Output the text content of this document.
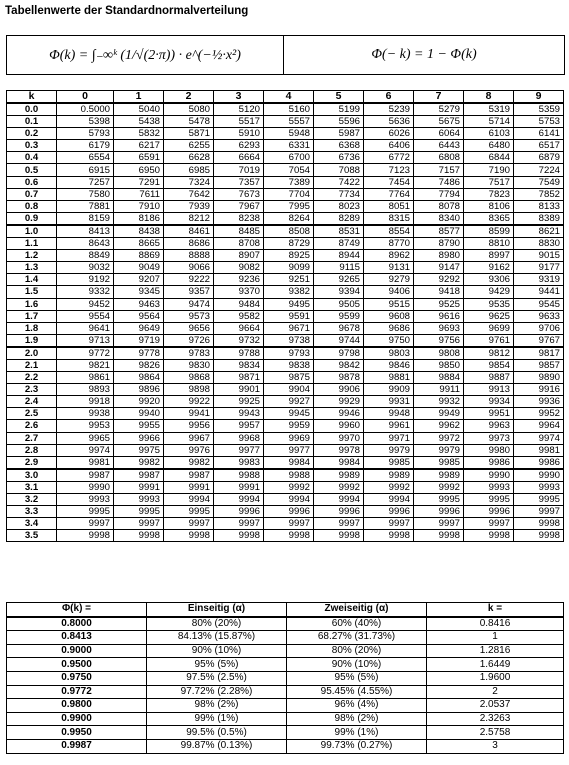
Tabellenwerte der Standardnormalverteilung
Φ(k) = ∫₋∞ᵏ (1/√(2·π)) · e^(−½·x²)	Φ(− k) = 1 − Φ(k)
k	0	1	2	3	4	5	6	7	8	9
0.0	0.5000	5040	5080	5120	5160	5199	5239	5279	5319	5359
0.1	5398	5438	5478	5517	5557	5596	5636	5675	5714	5753
0.2	5793	5832	5871	5910	5948	5987	6026	6064	6103	6141
0.3	6179	6217	6255	6293	6331	6368	6406	6443	6480	6517
0.4	6554	6591	6628	6664	6700	6736	6772	6808	6844	6879
0.5	6915	6950	6985	7019	7054	7088	7123	7157	7190	7224
0.6	7257	7291	7324	7357	7389	7422	7454	7486	7517	7549
0.7	7580	7611	7642	7673	7704	7734	7764	7794	7823	7852
0.8	7881	7910	7939	7967	7995	8023	8051	8078	8106	8133
0.9	8159	8186	8212	8238	8264	8289	8315	8340	8365	8389
1.0	8413	8438	8461	8485	8508	8531	8554	8577	8599	8621
1.1	8643	8665	8686	8708	8729	8749	8770	8790	8810	8830
1.2	8849	8869	8888	8907	8925	8944	8962	8980	8997	9015
1.3	9032	9049	9066	9082	9099	9115	9131	9147	9162	9177
1.4	9192	9207	9222	9236	9251	9265	9279	9292	9306	9319
1.5	9332	9345	9357	9370	9382	9394	9406	9418	9429	9441
1.6	9452	9463	9474	9484	9495	9505	9515	9525	9535	9545
1.7	9554	9564	9573	9582	9591	9599	9608	9616	9625	9633
1.8	9641	9649	9656	9664	9671	9678	9686	9693	9699	9706
1.9	9713	9719	9726	9732	9738	9744	9750	9756	9761	9767
2.0	9772	9778	9783	9788	9793	9798	9803	9808	9812	9817
2.1	9821	9826	9830	9834	9838	9842	9846	9850	9854	9857
2.2	9861	9864	9868	9871	9875	9878	9881	9884	9887	9890
2.3	9893	9896	9898	9901	9904	9906	9909	9911	9913	9916
2.4	9918	9920	9922	9925	9927	9929	9931	9932	9934	9936
2.5	9938	9940	9941	9943	9945	9946	9948	9949	9951	9952
2.6	9953	9955	9956	9957	9959	9960	9961	9962	9963	9964
2.7	9965	9966	9967	9968	9969	9970	9971	9972	9973	9974
2.8	9974	9975	9976	9977	9977	9978	9979	9979	9980	9981
2.9	9981	9982	9982	9983	9984	9984	9985	9985	9986	9986
3.0	9987	9987	9987	9988	9988	9989	9989	9989	9990	9990
3.1	9990	9991	9991	9991	9992	9992	9992	9992	9993	9993
3.2	9993	9993	9994	9994	9994	9994	9994	9995	9995	9995
3.3	9995	9995	9995	9996	9996	9996	9996	9996	9996	9997
3.4	9997	9997	9997	9997	9997	9997	9997	9997	9997	9998
3.5	9998	9998	9998	9998	9998	9998	9998	9998	9998	9998
Φ(k) =	Einseitig (α)	Zweiseitig (α)	k =
0.8000	80% (20%)	60% (40%)	0.8416
0.8413	84.13% (15.87%)	68.27% (31.73%)	1
0.9000	90% (10%)	80% (20%)	1.2816
0.9500	95% (5%)	90% (10%)	1.6449
0.9750	97.5% (2.5%)	95% (5%)	1.9600
0.9772	97.72% (2.28%)	95.45% (4.55%)	2
0.9800	98% (2%)	96% (4%)	2.0537
0.9900	99% (1%)	98% (2%)	2.3263
0.9950	99.5% (0.5%)	99% (1%)	2.5758
0.9987	99.87% (0.13%)	99.73% (0.27%)	3
